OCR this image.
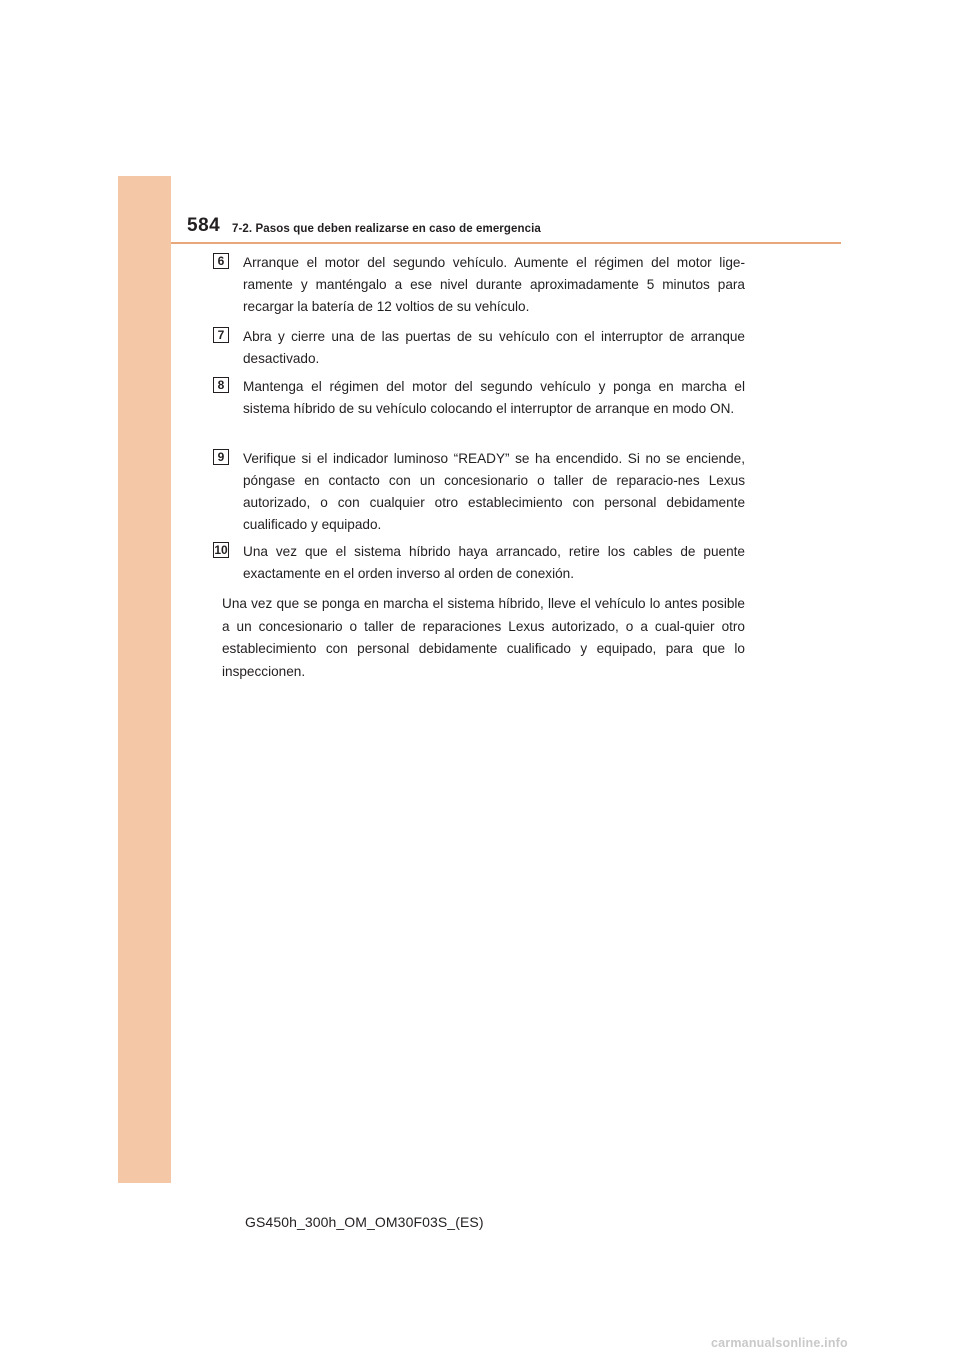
584 7-2. Pasos que deben realizarse en caso de emergencia
6	Arranque el motor del segundo vehículo. Aumente el régimen del motor lige-ramente y manténgalo a ese nivel durante aproximadamente 5 minutos para recargar la batería de 12 voltios de su vehículo.
7	Abra y cierre una de las puertas de su vehículo con el interruptor de arranque desactivado.
8	Mantenga el régimen del motor del segundo vehículo y ponga en marcha el sistema híbrido de su vehículo colocando el interruptor de arranque en modo ON.
9	Verifique si el indicador luminoso “READY” se ha encendido. Si no se enciende, póngase en contacto con un concesionario o taller de reparacio-nes Lexus autorizado, o con cualquier otro establecimiento con personal debidamente cualificado y equipado.
10 Una vez que el sistema híbrido haya arrancado, retire los cables de puente exactamente en el orden inverso al orden de conexión.
Una vez que se ponga en marcha el sistema híbrido, lleve el vehículo lo antes posible a un concesionario o taller de reparaciones Lexus autorizado, o a cual-quier otro establecimiento con personal debidamente cualificado y equipado, para que lo inspeccionen.
GS450h_300h_OM_OM30F03S_(ES)
carmanualsonline.info
